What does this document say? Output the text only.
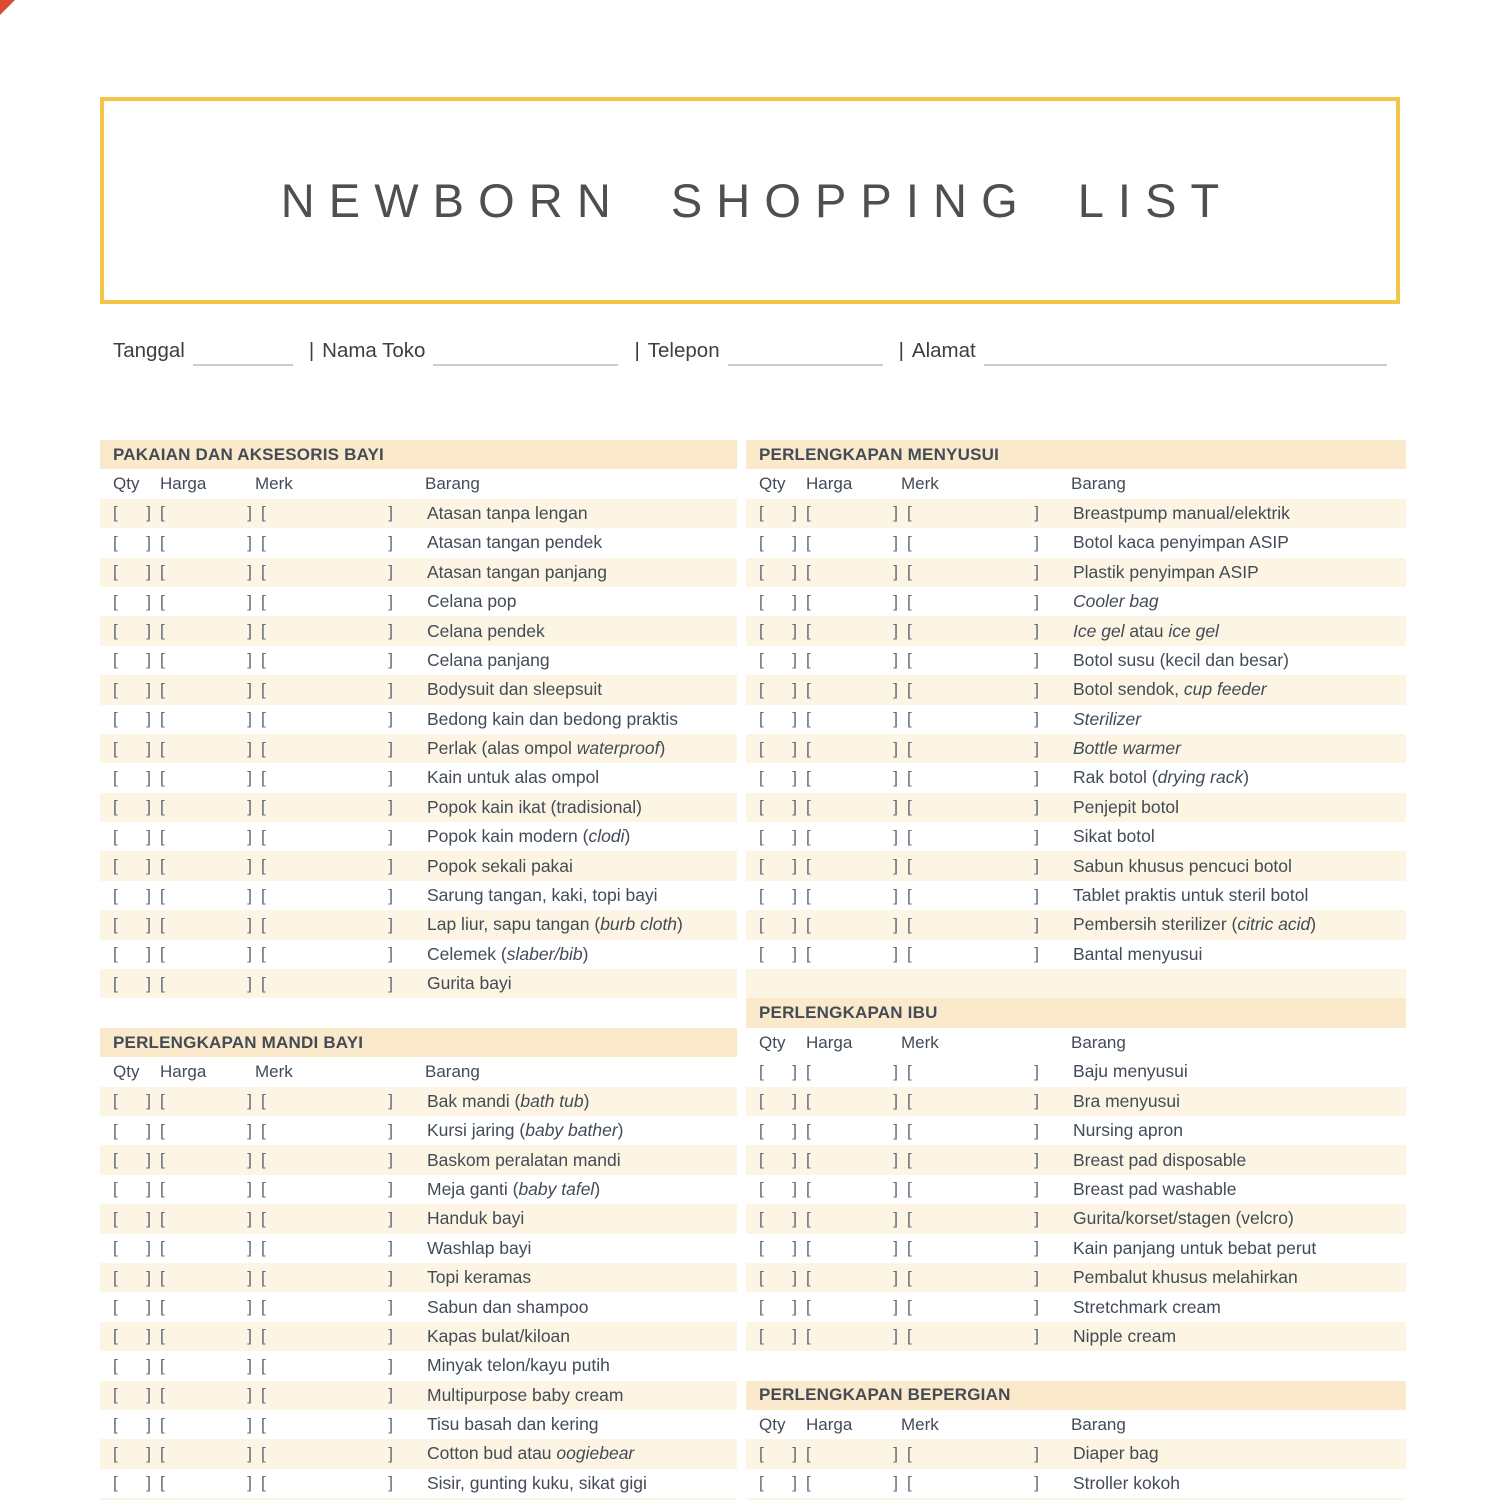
NEWBORN SHOPPING LIST
Tanggal	| Nama Toko	| Telepon	| Alamat
PAKAIAN DAN AKSESORIS BAYI
Qty	Harga	Merk	Barang
[ ] [	] [	] Atasan tanpa lengan
[ ] [	] [	] Atasan tangan pendek
[ ] [	] [	] Atasan tangan panjang
[ ] [	] [	] Celana pop
[ ] [	] [	] Celana pendek
[ ] [	] [	] Celana panjang
[ ] [	] [	] Bodysuit dan sleepsuit
[ ] [	] [	] Bedong kain dan bedong praktis
[ ] [	] [	] Perlak (alas ompol waterproof)
[ ] [	] [	] Kain untuk alas ompol
[ ] [	] [	] Popok kain ikat (tradisional)
[ ] [	] [	] Popok kain modern (clodi)
[ ] [	] [	] Popok sekali pakai
[ ] [	] [	] Sarung tangan, kaki, topi bayi
[ ] [	] [	] Lap liur, sapu tangan (burb cloth)
[ ] [	] [	] Celemek (slaber/bib)
[ ] [	] [	] Gurita bayi
PERLENGKAPAN MANDI BAYI
Qty	Harga	Merk	Barang
[ ] [	] [	] Bak mandi (bath tub)
[ ] [	] [	] Kursi jaring (baby bather)
[ ] [	] [	] Baskom peralatan mandi
[ ] [	] [	] Meja ganti (baby tafel)
[ ] [	] [	] Handuk bayi
[ ] [	] [	] Washlap bayi
[ ] [	] [	] Topi keramas
[ ] [	] [	] Sabun dan shampoo
[ ] [	] [	] Kapas bulat/kiloan
[ ] [	] [	] Minyak telon/kayu putih
[ ] [	] [	] Multipurpose baby cream
[ ] [	] [	] Tisu basah dan kering
[ ] [	] [	] Cotton bud atau oogiebear
[ ] [	] [	] Sisir, gunting kuku, sikat gigi
PERLENGKAPAN MENYUSUI
Qty	Harga	Merk	Barang
[ ] [	] [	] Breastpump manual/elektrik
[ ] [	] [	] Botol kaca penyimpan ASIP
[ ] [	] [	] Plastik penyimpan ASIP
[ ] [	] [	] Cooler bag
[ ] [	] [	] Ice gel atau ice gel
[ ] [	] [	] Botol susu (kecil dan besar)
[ ] [	] [	] Botol sendok, cup feeder
[ ] [	] [	] Sterilizer
[ ] [	] [	] Bottle warmer
[ ] [	] [	] Rak botol (drying rack)
[ ] [	] [	] Penjepit botol
[ ] [	] [	] Sikat botol
[ ] [	] [	] Sabun khusus pencuci botol
[ ] [	] [	] Tablet praktis untuk steril botol
[ ] [	] [	] Pembersih sterilizer (citric acid)
[ ] [	] [	] Bantal menyusui
PERLENGKAPAN IBU
Qty	Harga	Merk	Barang
[ ] [	] [	] Baju menyusui
[ ] [	] [	] Bra menyusui
[ ] [	] [	] Nursing apron
[ ] [	] [	] Breast pad disposable
[ ] [	] [	] Breast pad washable
[ ] [	] [	] Gurita/korset/stagen (velcro)
[ ] [	] [	] Kain panjang untuk bebat perut
[ ] [	] [	] Pembalut khusus melahirkan
[ ] [	] [	] Stretchmark cream
[ ] [	] [	] Nipple cream
PERLENGKAPAN BEPERGIAN
Qty	Harga	Merk	Barang
[ ] [	] [	] Diaper bag
[ ] [	] [	] Stroller kokoh
